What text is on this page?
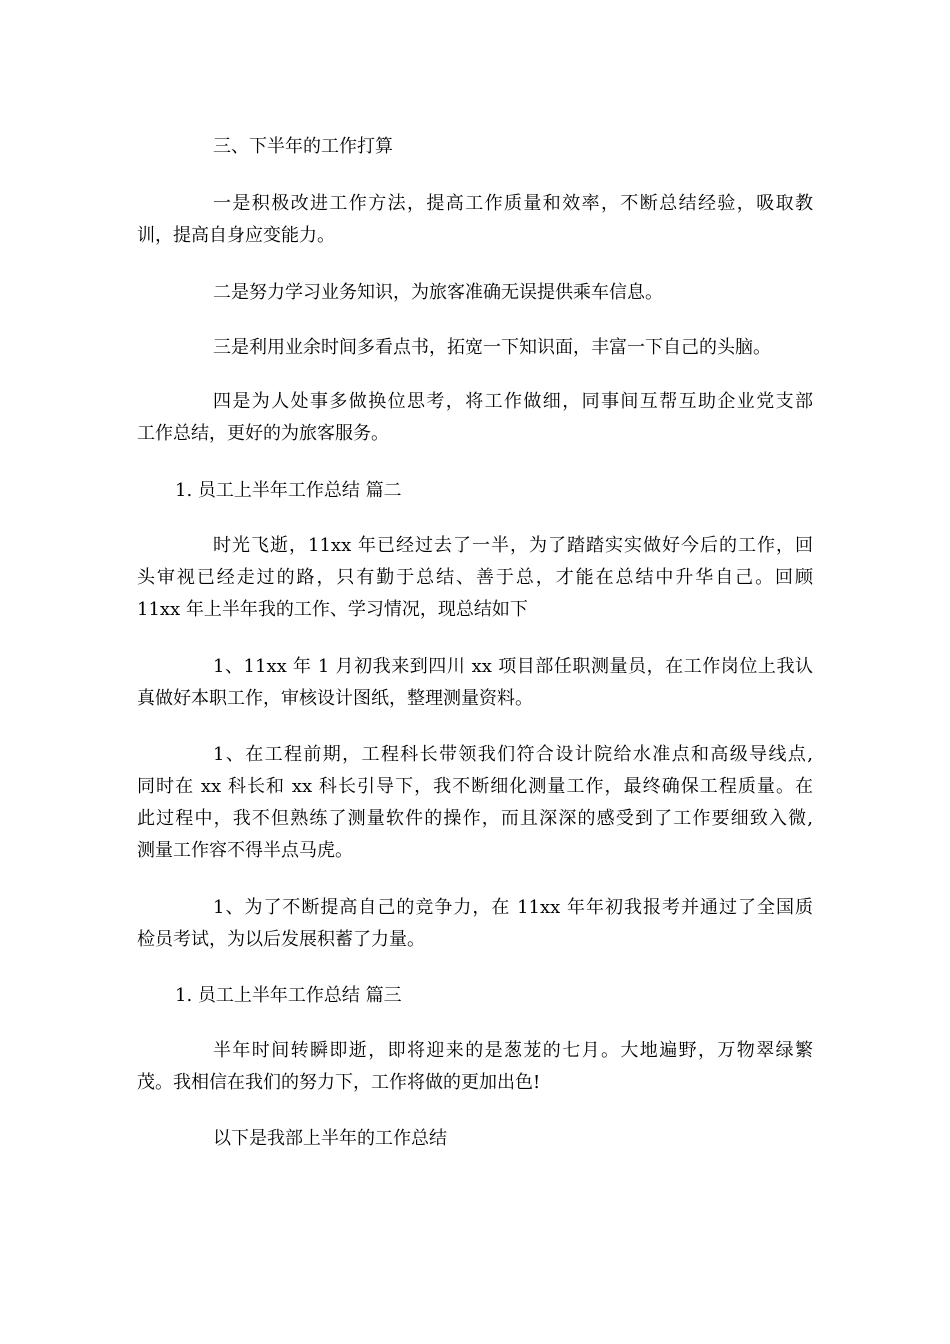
三、下半年的工作打算

一是积极改进工作方法，提高工作质量和效率，不断总结经验，吸取教

训，提高自身应变能力。

二是努力学习业务知识，为旅客准确无误提供乘车信息。

三是利用业余时间多看点书，拓宽一下知识面，丰富一下自己的头脑。

四是为人处事多做换位思考，将工作做细，同事间互帮互助企业党支部

工作总结，更好的为旅客服务。

1. 员工上半年工作总结 篇二

时光飞逝，11xx 年已经过去了一半，为了踏踏实实做好今后的工作，回

头审视已经走过的路，只有勤于总结、善于总，才能在总结中升华自己。回顾

11xx 年上半年我的工作、学习情况，现总结如下

1、11xx 年 1 月初我来到四川 xx 项目部任职测量员，在工作岗位上我认

真做好本职工作，审核设计图纸，整理测量资料。

1、在工程前期，工程科长带领我们符合设计院给水准点和高级导线点,

同时在 xx 科长和 xx 科长引导下，我不断细化测量工作，最终确保工程质量。在

此过程中，我不但熟练了测量软件的操作，而且深深的感受到了工作要细致入微,

测量工作容不得半点马虎。

1、为了不断提高自己的竞争力，在 11xx 年年初我报考并通过了全国质

检员考试，为以后发展积蓄了力量。

1. 员工上半年工作总结 篇三

半年时间转瞬即逝，即将迎来的是葱茏的七月。大地遍野，万物翠绿繁

茂。我相信在我们的努力下，工作将做的更加出色!

以下是我部上半年的工作总结
